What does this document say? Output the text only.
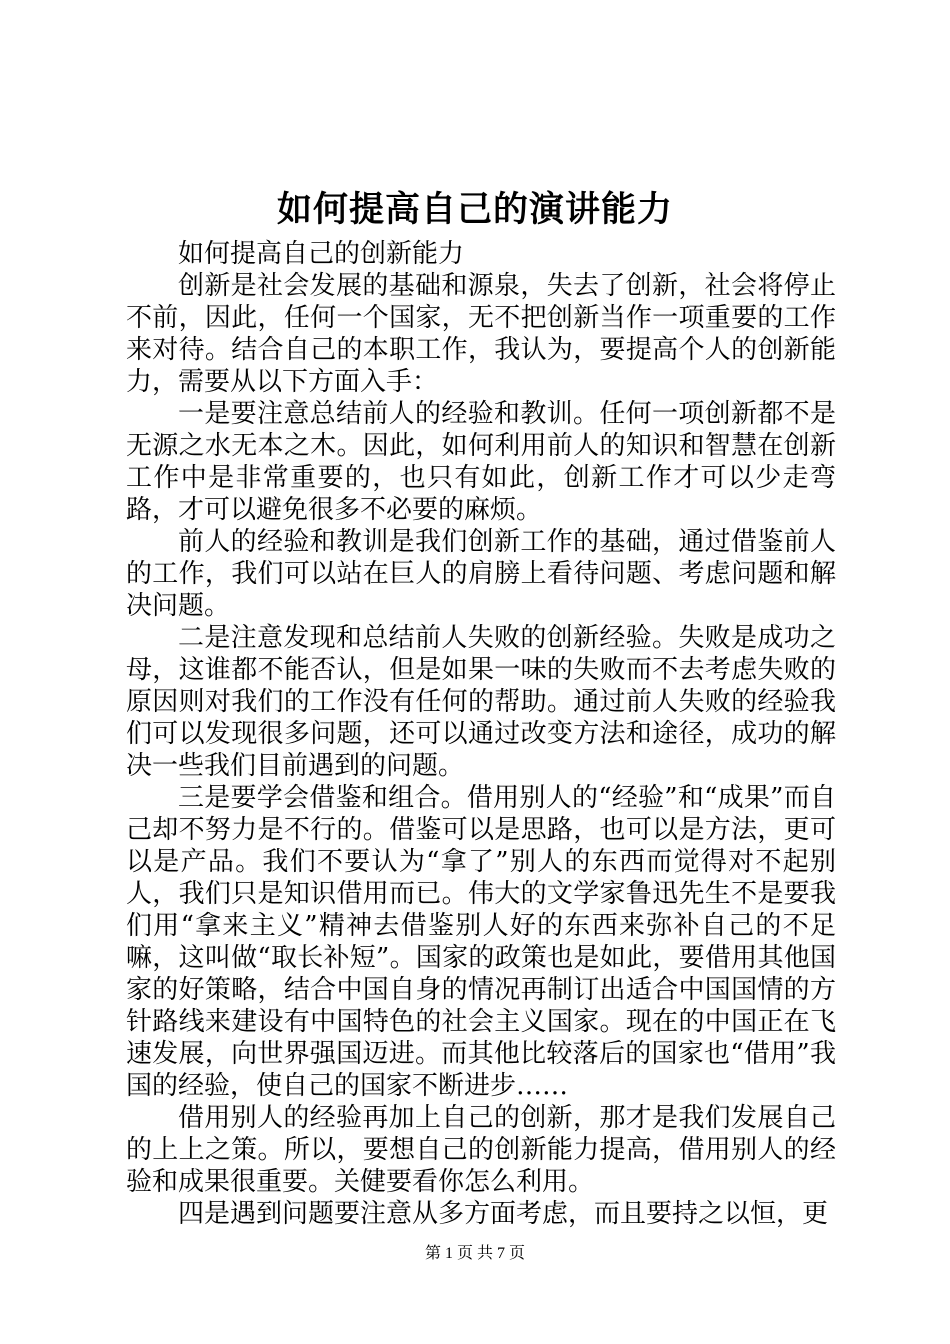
如何提高自己的演讲能力

如何提高自己的创新能力

创新是社会发展的基础和源泉，失去了创新，社会将停止不前，因此，任何一个国家，无不把创新当作一项重要的工作来对待。结合自己的本职工作，我认为，要提高个人的创新能力，需要从以下方面入手：

一是要注意总结前人的经验和教训。任何一项创新都不是无源之水无本之木。因此，如何利用前人的知识和智慧在创新工作中是非常重要的，也只有如此，创新工作才可以少走弯路，才可以避免很多不必要的麻烦。

前人的经验和教训是我们创新工作的基础，通过借鉴前人的工作，我们可以站在巨人的肩膀上看待问题、考虑问题和解决问题。

二是注意发现和总结前人失败的创新经验。失败是成功之母，这谁都不能否认，但是如果一味的失败而不去考虑失败的原因则对我们的工作没有任何的帮助。通过前人失败的经验我们可以发现很多问题，还可以通过改变方法和途径，成功的解决一些我们目前遇到的问题。

三是要学会借鉴和组合。借用别人的“经验”和“成果”而自己却不努力是不行的。借鉴可以是思路，也可以是方法，更可以是产品。我们不要认为“拿了”别人的东西而觉得对不起别人，我们只是知识借用而已。伟大的文学家鲁迅先生不是要我们用“拿来主义”精神去借鉴别人好的东西来弥补自己的不足嘛，这叫做“取长补短”。国家的政策也是如此，要借用其他国家的好策略，结合中国自身的情况再制订出适合中国国情的方针路线来建设有中国特色的社会主义国家。现在的中国正在飞速发展，向世界强国迈进。而其他比较落后的国家也“借用”我国的经验，使自己的国家不断进步……

借用别人的经验再加上自己的创新，那才是我们发展自己的上上之策。所以，要想自己的创新能力提高，借用别人的经验和成果很重要。关健要看你怎么利用。

四是遇到问题要注意从多方面考虑，而且要持之以恒，更

第 1 页 共 7 页
